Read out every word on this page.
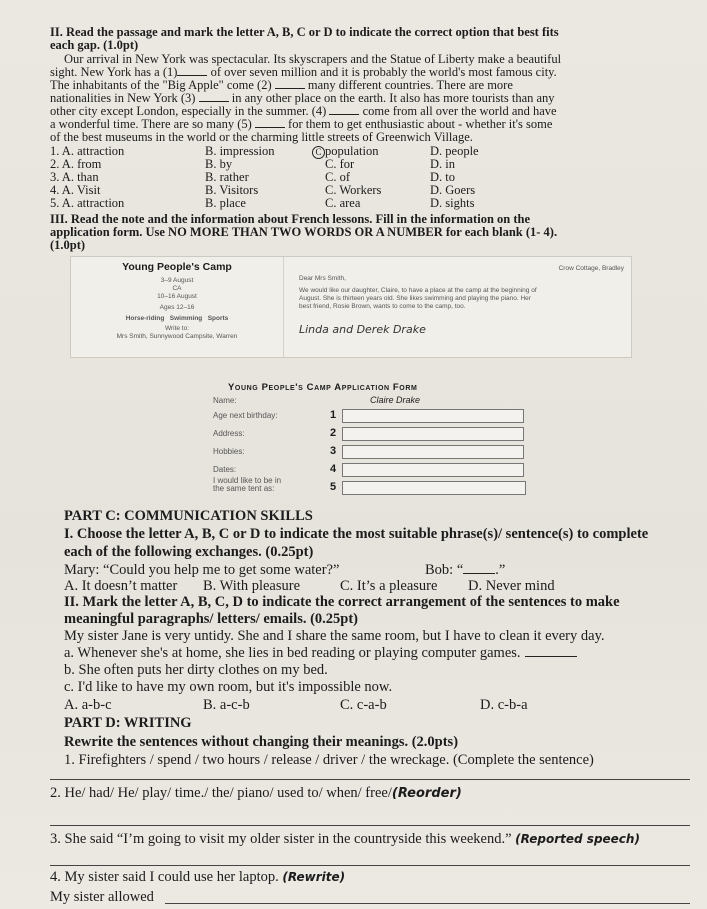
II. Read the passage and mark the letter A, B, C or D to indicate the correct option that best fits
each gap. (1.0pt)
Our arrival in New York was spectacular. Its skyscrapers and the Statue of Liberty make a beautiful
sight. New York has a (1)	of over seven million and it is probably the world's most famous city.
The inhabitants of the "Big Apple" come (2)	many different countries. There are more
nationalities in New York (3)	in any other place on the earth. It also has more tourists than any
other city except London, especially in the summer. (4)	come from all over the world and have
a wonderful time. There are so many (5)	for them to get enthusiastic about - whether it's some
of the best museums in the world or the charming little streets of Greenwich Village.
1. A. attraction	B. impression	C population	D. people
2. A. from	B. by	C. for	D. in
3. A. than	B. rather	C. of	D. to
4. A. Visit	B. Visitors	C. Workers	D. Goers
5. A. attraction	B. place	C. area	D. sights
III. Read the note and the information about French lessons. Fill in the information on the
application form. Use NO MORE THAN TWO WORDS OR A NUMBER for each blank (1- 4).
(1.0pt)
Young People's Camp
3–9 August
CA
10–16 August
Ages 12–16
Horse-riding Swimming Sports
Write to:
Mrs Smith, Sunnywood Campsite, Warren
Crow Cottage, Bradley
Dear Mrs Smith,
We would like our daughter, Claire, to have a place at the camp at the beginning of
August. She is thirteen years old. She likes swimming and playing the piano. Her
best friend, Rosie Brown, wants to come to the camp, too.
Linda and Derek Drake
Young People's Camp Application Form
Name:	Claire Drake
Age next birthday:	1
Address:	2
Hobbies:	3
Dates:	4
I would like to be in
the same tent as:	5
PART C: COMMUNICATION SKILLS
I. Choose the letter A, B, C or D to indicate the most suitable phrase(s)/ sentence(s) to complete
each of the following exchanges. (0.25pt)
Mary: “Could you help me to get some water?”	Bob: “ .”
A. It doesn’t matter B. With pleasure	C. It’s a pleasure D. Never mind
II. Mark the letter A, B, C, D to indicate the correct arrangement of the sentences to make
meaningful paragraphs/ letters/ emails. (0.25pt)
My sister Jane is very untidy. She and I share the same room, but I have to clean it every day.
a. Whenever she's at home, she lies in bed reading or playing computer games.
b. She often puts her dirty clothes on my bed.
c. I'd like to have my own room, but it's impossible now.
A. a-b-c	B. a-c-b	C. c-a-b	D. c-b-a
PART D: WRITING
Rewrite the sentences without changing their meanings. (2.0pts)
1. Firefighters / spend / two hours / release / driver / the wreckage. (Complete the sentence)
2. He/ had/ He/ play/ time./ the/ piano/ used to/ when/ free/(Reorder)
3. She said “I’m going to visit my older sister in the countryside this weekend.” (Reported speech)
4. My sister said I could use her laptop. (Rewrite)
My sister allowed
